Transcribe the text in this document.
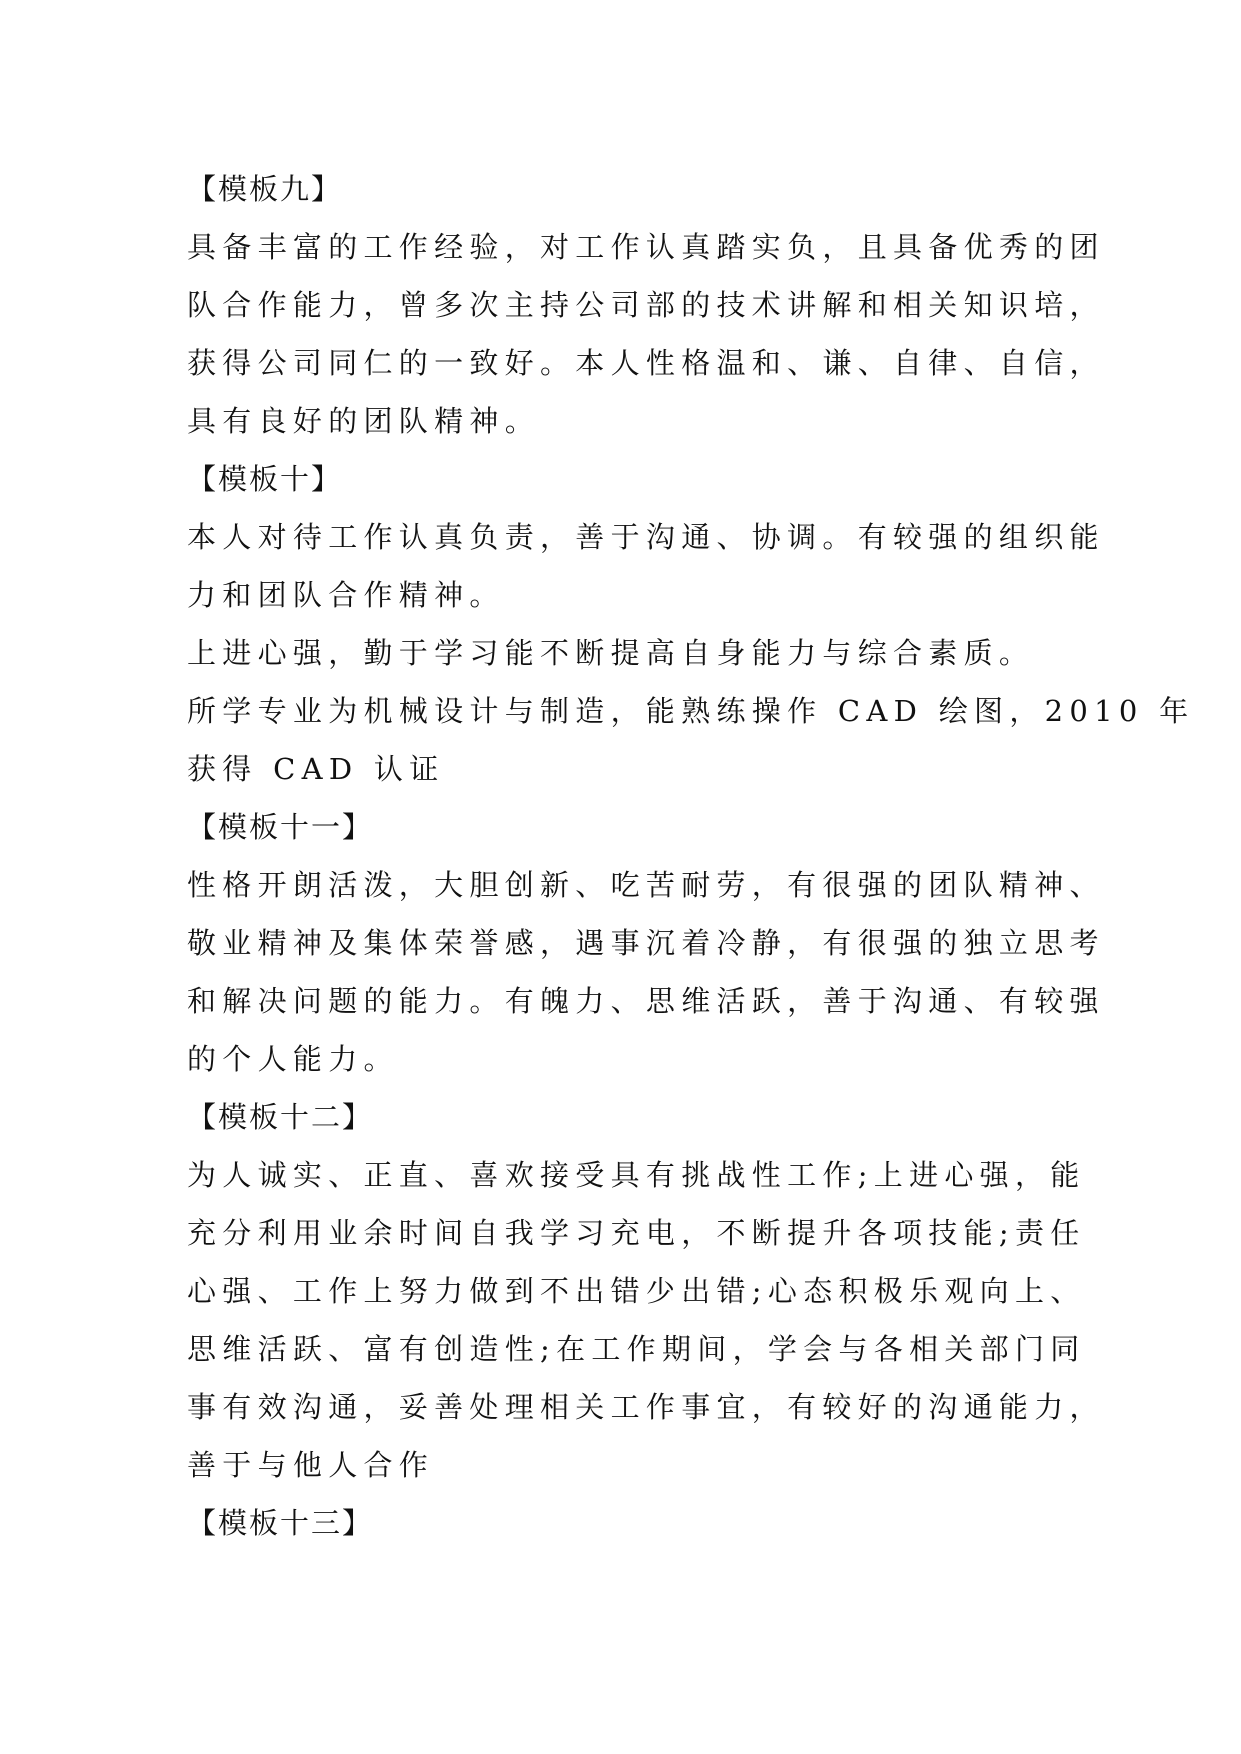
【模板九】
具备丰富的工作经验，对工作认真踏实负，且具备优秀的团
队合作能力，曾多次主持公司部的技术讲解和相关知识培，
获得公司同仁的一致好。本人性格温和、谦、自律、自信，
具有良好的团队精神。
【模板十】
本人对待工作认真负责，善于沟通、协调。有较强的组织能
力和团队合作精神。
上进心强，勤于学习能不断提高自身能力与综合素质。
所学专业为机械设计与制造，能熟练操作 CAD 绘图，2010 年
获得 CAD 认证
【模板十一】
性格开朗活泼，大胆创新、吃苦耐劳，有很强的团队精神、
敬业精神及集体荣誉感，遇事沉着冷静，有很强的独立思考
和解决问题的能力。有魄力、思维活跃，善于沟通、有较强
的个人能力。
【模板十二】
为人诚实、正直、喜欢接受具有挑战性工作;上进心强，能
充分利用业余时间自我学习充电，不断提升各项技能;责任
心强、工作上努力做到不出错少出错;心态积极乐观向上、
思维活跃、富有创造性;在工作期间，学会与各相关部门同
事有效沟通，妥善处理相关工作事宜，有较好的沟通能力，
善于与他人合作
【模板十三】
